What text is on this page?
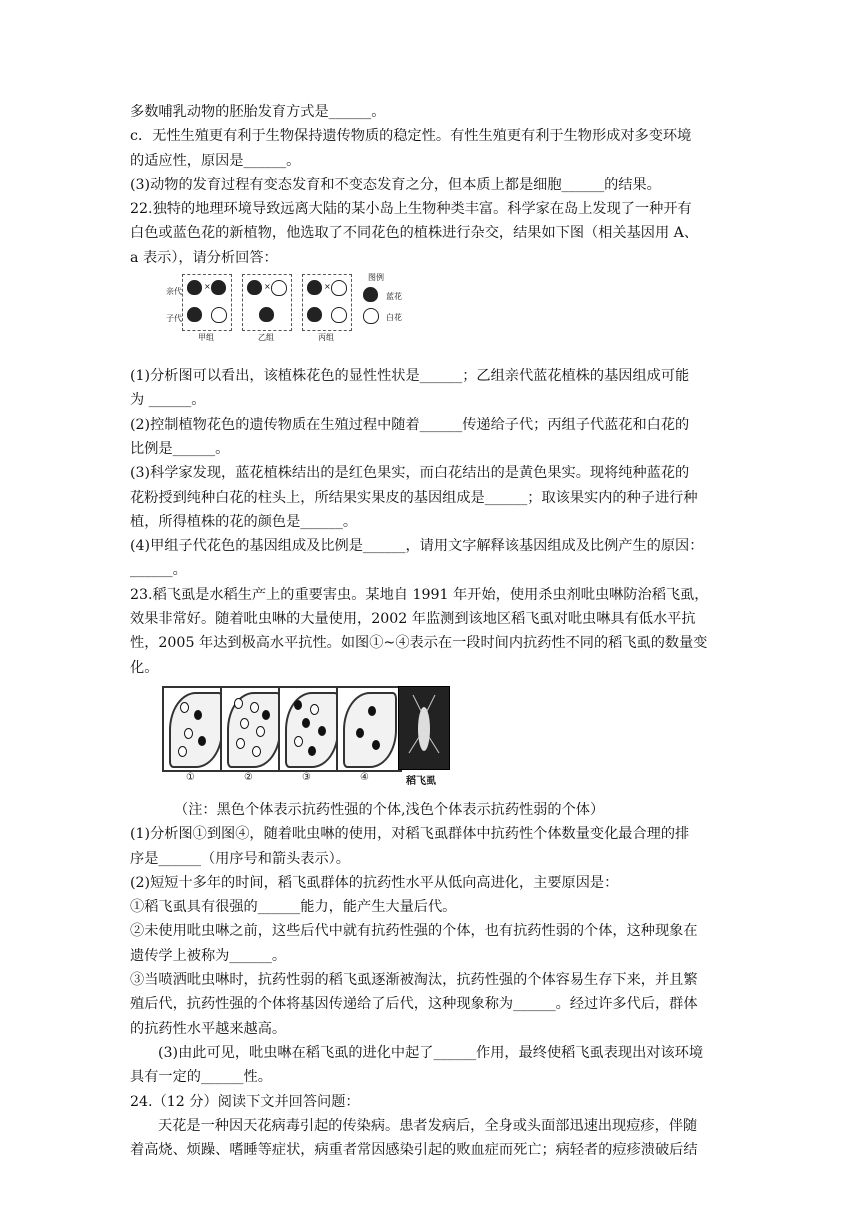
多数哺乳动物的胚胎发育方式是______。
c．无性生殖更有利于生物保持遗传物质的稳定性。有性生殖更有利于生物形成对多变环境
的适应性，原因是______。
(3)动物的发育过程有变态发育和不变态发育之分，但本质上都是细胞______的结果。
22.独特的地理环境导致远离大陆的某小岛上生物种类丰富。科学家在岛上发现了一种开有
白色或蓝色花的新植物，他选取了不同花色的植株进行杂交，结果如下图（相关基因用 A、
a 表示），请分析回答：
亲代
子代
×
甲组
×
乙组
×
丙组
图例
蓝花
白花
(1)分析图可以看出，该植株花色的显性性状是______；乙组亲代蓝花植株的基因组成可能
为 ______。
(2)控制植物花色的遗传物质在生殖过程中随着______传递给子代；丙组子代蓝花和白花的
比例是______。
(3)科学家发现，蓝花植株结出的是红色果实，而白花结出的是黄色果实。现将纯种蓝花的
花粉授到纯种白花的柱头上，所结果实果皮的基因组成是______；取该果实内的种子进行种
植，所得植株的花的颜色是______。
(4)甲组子代花色的基因组成及比例是______，请用文字解释该基因组成及比例产生的原因：
______。
23.稻飞虱是水稻生产上的重要害虫。某地自 1991 年开始，使用杀虫剂吡虫啉防治稻飞虱，
效果非常好。随着吡虫啉的大量使用，2002 年监测到该地区稻飞虱对吡虫啉具有低水平抗
性，2005 年达到极高水平抗性。如图①~④表示在一段时间内抗药性不同的稻飞虱的数量变
化。
①	②	③	④	稻飞虱
（注：黑色个体表示抗药性强的个体,浅色个体表示抗药性弱的个体）
(1)分析图①到图④，随着吡虫啉的使用，对稻飞虱群体中抗药性个体数量变化最合理的排
序是______（用序号和箭头表示）。
(2)短短十多年的时间，稻飞虱群体的抗药性水平从低向高进化，主要原因是：
①稻飞虱具有很强的______能力，能产生大量后代。
②未使用吡虫啉之前，这些后代中就有抗药性强的个体，也有抗药性弱的个体，这种现象在
遗传学上被称为______。
③当喷洒吡虫啉时，抗药性弱的稻飞虱逐渐被淘汰，抗药性强的个体容易生存下来，并且繁
殖后代，抗药性强的个体将基因传递给了后代，这种现象称为______。经过许多代后，群体
的抗药性水平越来越高。
(3)由此可见，吡虫啉在稻飞虱的进化中起了______作用，最终使稻飞虱表现出对该环境
具有一定的______性。
24.（12 分）阅读下文并回答问题：
天花是一种因天花病毒引起的传染病。患者发病后，全身或头面部迅速出现痘疹，伴随
着高烧、烦躁、嗜睡等症状，病重者常因感染引起的败血症而死亡；病轻者的痘疹溃破后结
